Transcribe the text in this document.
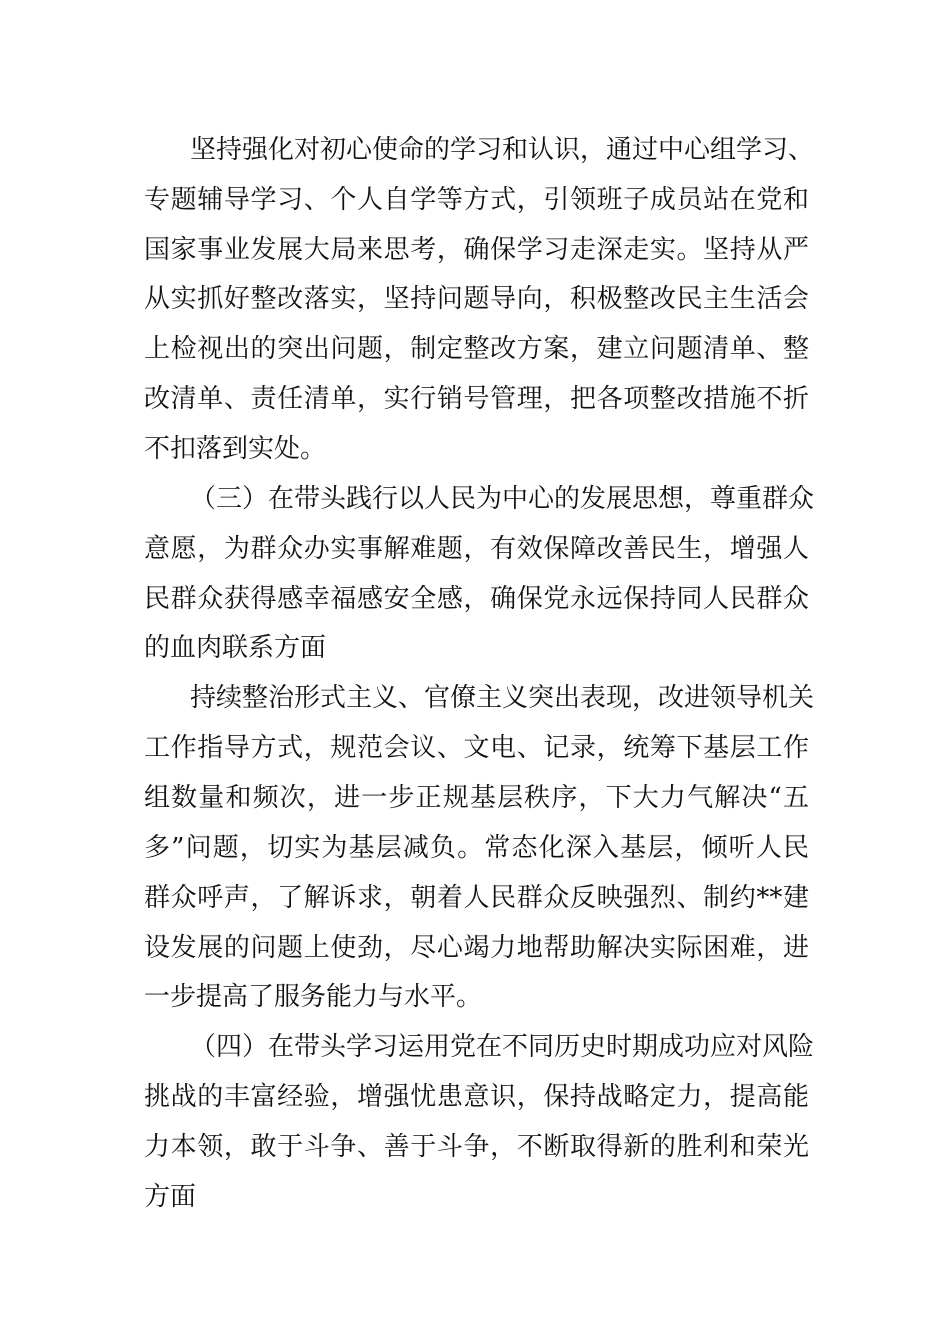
坚持强化对初心使命的学习和认识，通过中心组学习、
专题辅导学习、个人自学等方式，引领班子成员站在党和
国家事业发展大局来思考，确保学习走深走实。坚持从严
从实抓好整改落实，坚持问题导向，积极整改民主生活会
上检视出的突出问题，制定整改方案，建立问题清单、整
改清单、责任清单，实行销号管理，把各项整改措施不折
不扣落到实处。
（三）在带头践行以人民为中心的发展思想，尊重群众
意愿，为群众办实事解难题，有效保障改善民生，增强人
民群众获得感幸福感安全感，确保党永远保持同人民群众
的血肉联系方面
持续整治形式主义、官僚主义突出表现，改进领导机关
工作指导方式，规范会议、文电、记录，统筹下基层工作
组数量和频次，进一步正规基层秩序，下大力气解决“五
多”问题，切实为基层减负。常态化深入基层，倾听人民
群众呼声，了解诉求，朝着人民群众反映强烈、制约**建
设发展的问题上使劲，尽心竭力地帮助解决实际困难，进
一步提高了服务能力与水平。
（四）在带头学习运用党在不同历史时期成功应对风险
挑战的丰富经验，增强忧患意识，保持战略定力，提高能
力本领，敢于斗争、善于斗争，不断取得新的胜利和荣光
方面
